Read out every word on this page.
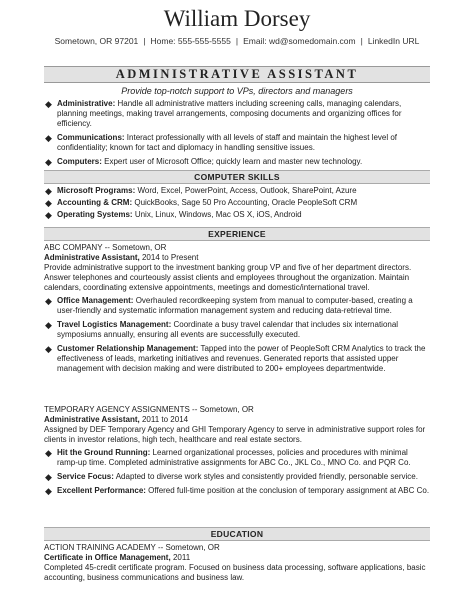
William Dorsey
Sometown, OR 97201 | Home: 555-555-5555 | Email: wd@somedomain.com | LinkedIn URL
ADMINISTRATIVE ASSISTANT
Provide top-notch support to VPs, directors and managers
◆ Administrative: Handle all administrative matters including screening calls, managing calendars, planning meetings, making travel arrangements, composing documents and organizing offices for efficiency.
◆ Communications: Interact professionally with all levels of staff and maintain the highest level of confidentiality; known for tact and diplomacy in handling sensitive issues.
◆ Computers: Expert user of Microsoft Office; quickly learn and master new technology.
COMPUTER SKILLS
◆ Microsoft Programs: Word, Excel, PowerPoint, Access, Outlook, SharePoint, Azure
◆ Accounting & CRM: QuickBooks, Sage 50 Pro Accounting, Oracle PeopleSoft CRM
◆ Operating Systems: Unix, Linux, Windows, Mac OS X, iOS, Android
EXPERIENCE
ABC COMPANY -- Sometown, OR
Administrative Assistant, 2014 to Present

Provide administrative support to the investment banking group VP and five of her department directors. Answer telephones and courteously assist clients and employees throughout the organization. Maintain calendars, coordinating extensive appointments, meetings and domestic/international travel.

◆ Office Management: Overhauled recordkeeping system from manual to computer-based, creating a user-friendly and systematic information management system and reducing data-retrieval time.
◆ Travel Logistics Management: Coordinate a busy travel calendar that includes six international symposiums annually, ensuring all events are successfully executed.
◆ Customer Relationship Management: Tapped into the power of PeopleSoft CRM Analytics to track the effectiveness of leads, marketing initiatives and revenues. Generated reports that assisted upper management with decision making and were distributed to 200+ employees departmentwide.
TEMPORARY AGENCY ASSIGNMENTS -- Sometown, OR
Administrative Assistant, 2011 to 2014

Assigned by DEF Temporary Agency and GHI Temporary Agency to serve in administrative support roles for clients in investor relations, high tech, healthcare and real estate sectors.

◆ Hit the Ground Running: Learned organizational processes, policies and procedures with minimal ramp-up time. Completed administrative assignments for ABC Co., JKL Co., MNO Co. and PQR Co.
◆ Service Focus: Adapted to diverse work styles and consistently provided friendly, personable service.
◆ Excellent Performance: Offered full-time position at the conclusion of temporary assignment at ABC Co.
EDUCATION
ACTION TRAINING ACADEMY -- Sometown, OR
Certificate in Office Management, 2011

Completed 45-credit certificate program. Focused on business data processing, software applications, basic accounting, business communications and business law.
